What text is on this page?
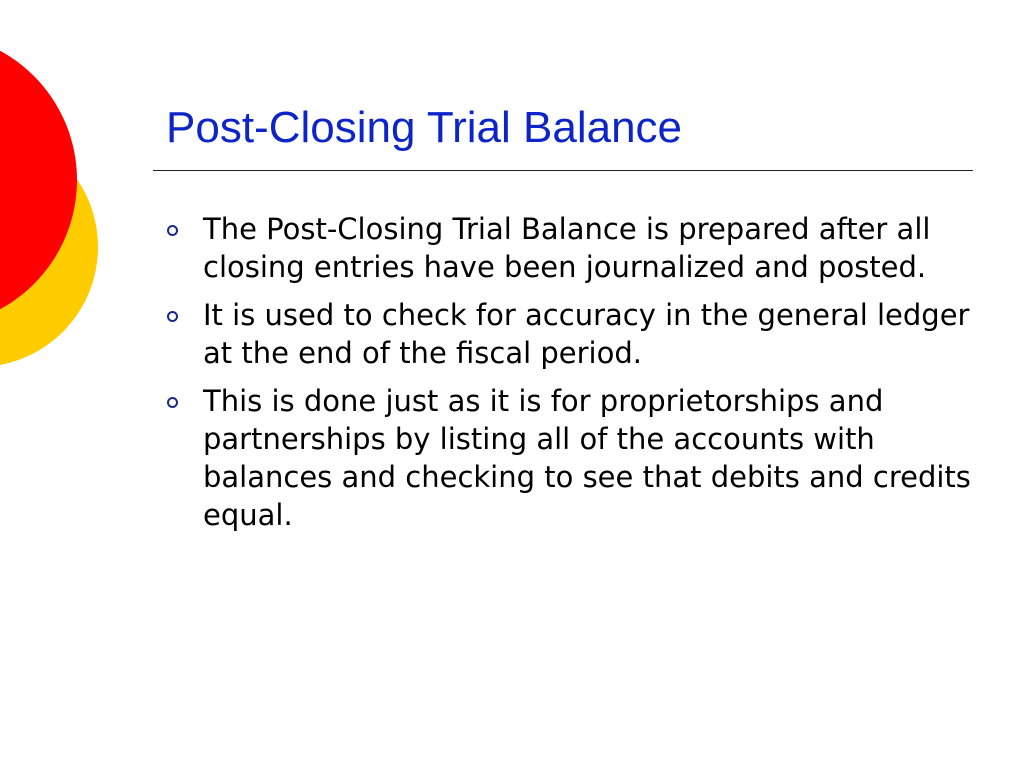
Post-Closing Trial Balance
The Post-Closing Trial Balance is prepared after all closing entries have been journalized and posted.
It is used to check for accuracy in the general ledger at the end of the fiscal period.
This is done just as it is for proprietorships and partnerships by listing all of the accounts with balances and checking to see that debits and credits equal.
